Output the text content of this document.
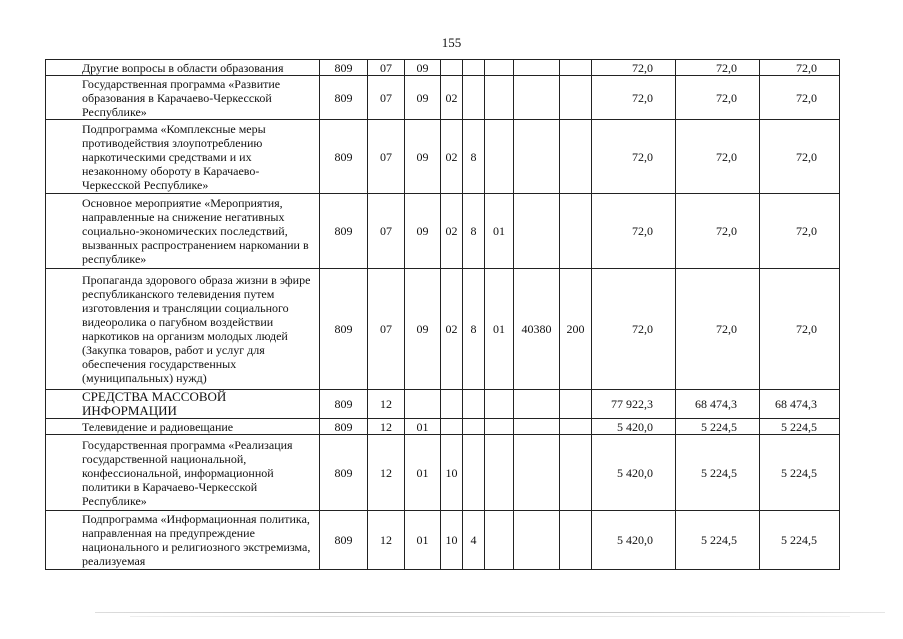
155
Другие вопросы в области образования	809	07	09						72,0	72,0	72,0
Государственная программа «Развитие образования в Карачаево-Черкесской Республике»	809	07	09	02					72,0	72,0	72,0
Подпрограмма «Комплексные меры противодействия злоупотреблению наркотическими средствами и их незаконному обороту в Карачаево-Черкесской Республике»	809	07	09	02	8				72,0	72,0	72,0
Основное мероприятие «Мероприятия, направленные на снижение негативных социально-экономических последствий, вызванных распространением наркомании в республике»	809	07	09	02	8	01			72,0	72,0	72,0
Пропаганда здорового образа жизни в эфире республиканского телевидения путем изготовления и трансляции социального видеоролика о пагубном воздействии наркотиков на организм молодых людей (Закупка товаров, работ и услуг для обеспечения государственных (муниципальных) нужд)	809	07	09	02	8	01	40380	200	72,0	72,0	72,0
СРЕДСТВА МАССОВОЙ ИНФОРМАЦИИ	809	12							77 922,3	68 474,3	68 474,3
Телевидение и радиовещание	809	12	01						5 420,0	5 224,5	5 224,5
Государственная программа «Реализация государственной национальной, конфессиональной, информационной политики в Карачаево-Черкесской Республике»	809	12	01	10					5 420,0	5 224,5	5 224,5
Подпрограмма «Информационная политика, направленная на предупреждение национального и религиозного экстремизма, реализуемая	809	12	01	10	4				5 420,0	5 224,5	5 224,5
